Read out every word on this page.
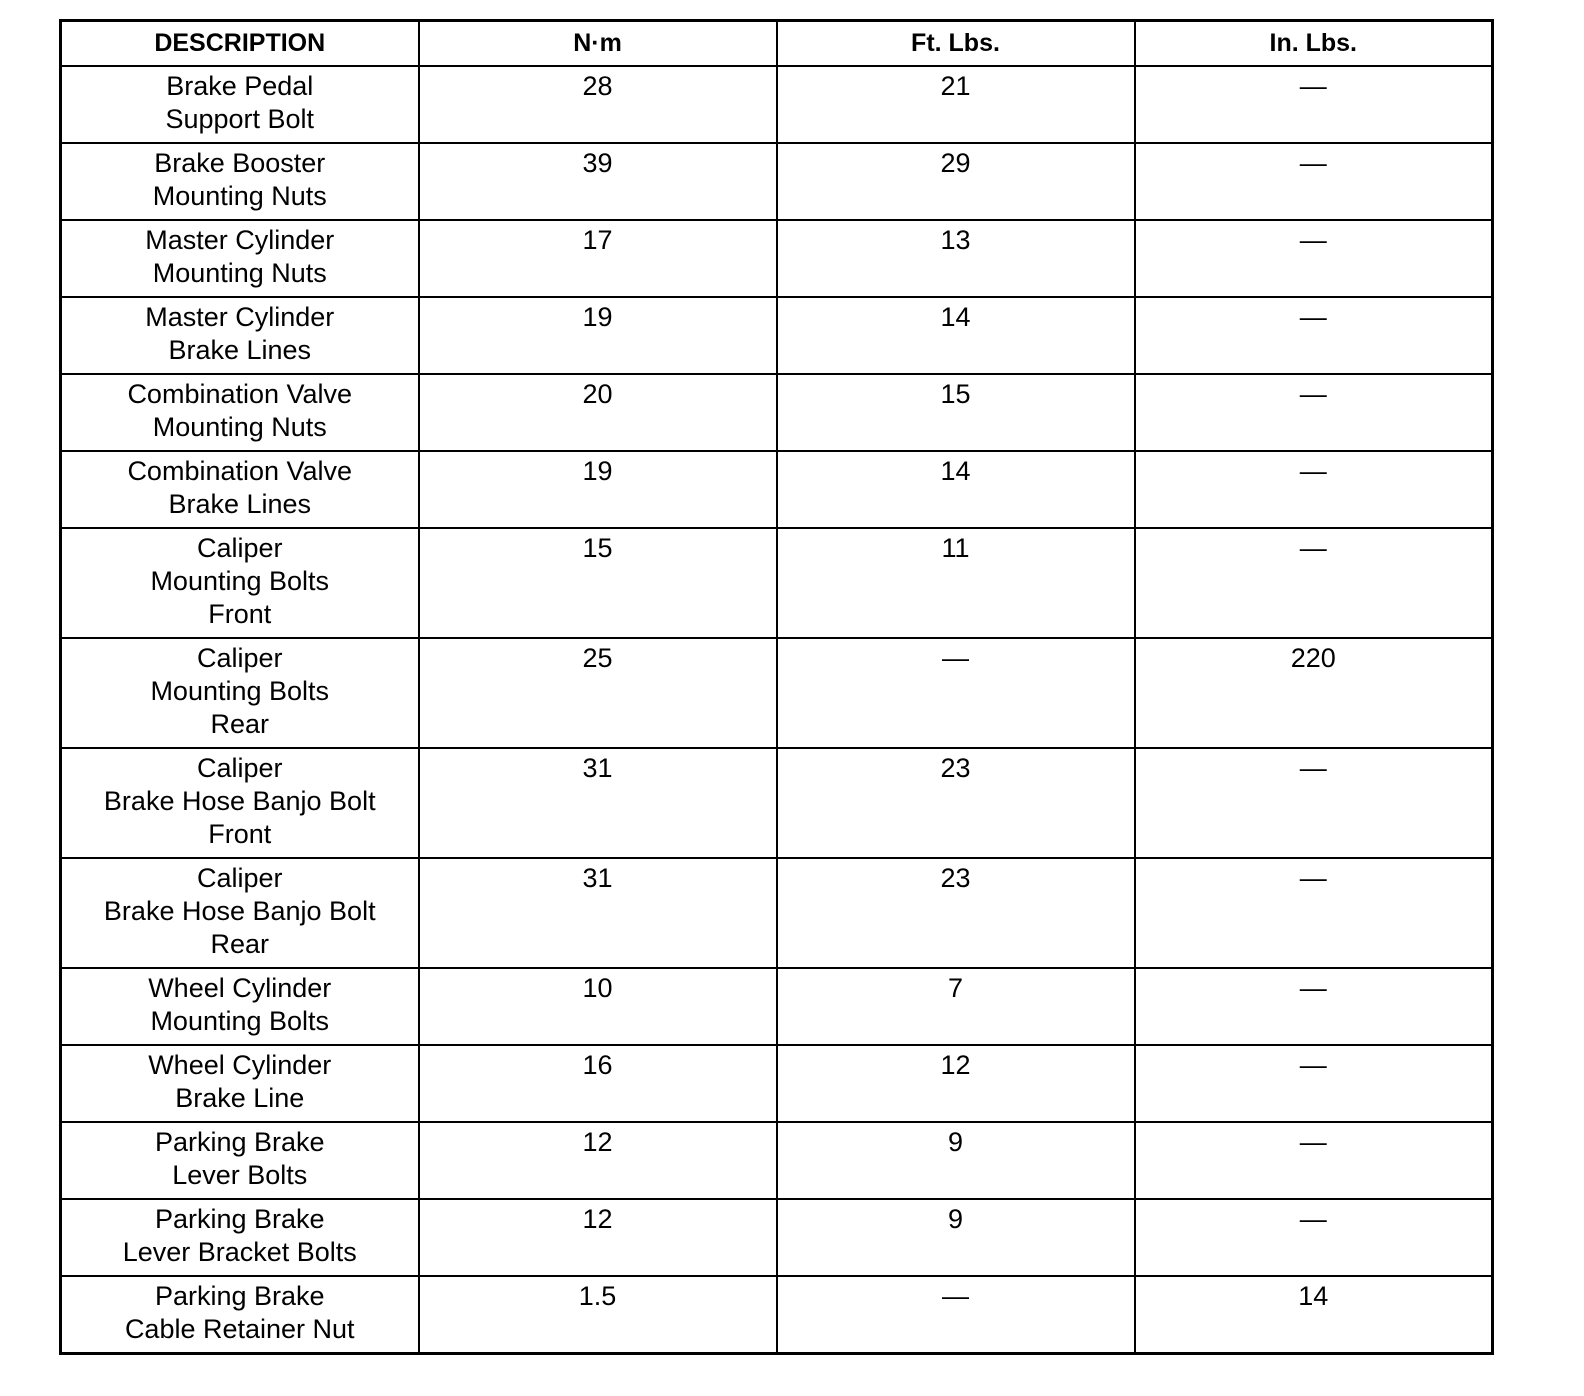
DESCRIPTION	N·m	Ft. Lbs.	In. Lbs.

Brake Pedal
Support Bolt	28	21	—

Brake Booster
Mounting Nuts	39	29	—

Master Cylinder
Mounting Nuts	17	13	—

Master Cylinder
Brake Lines	19	14	—

Combination Valve
Mounting Nuts	20	15	—

Combination Valve
Brake Lines	19	14	—

Caliper
Mounting Bolts
Front	15	11	—

Caliper
Mounting Bolts
Rear	25	—	220

Caliper
Brake Hose Banjo Bolt
Front	31	23	—

Caliper
Brake Hose Banjo Bolt
Rear	31	23	—

Wheel Cylinder
Mounting Bolts	10	7	—

Wheel Cylinder
Brake Line	16	12	—

Parking Brake
Lever Bolts	12	9	—

Parking Brake
Lever Bracket Bolts	12	9	—

Parking Brake
Cable Retainer Nut	1.5	—	14
